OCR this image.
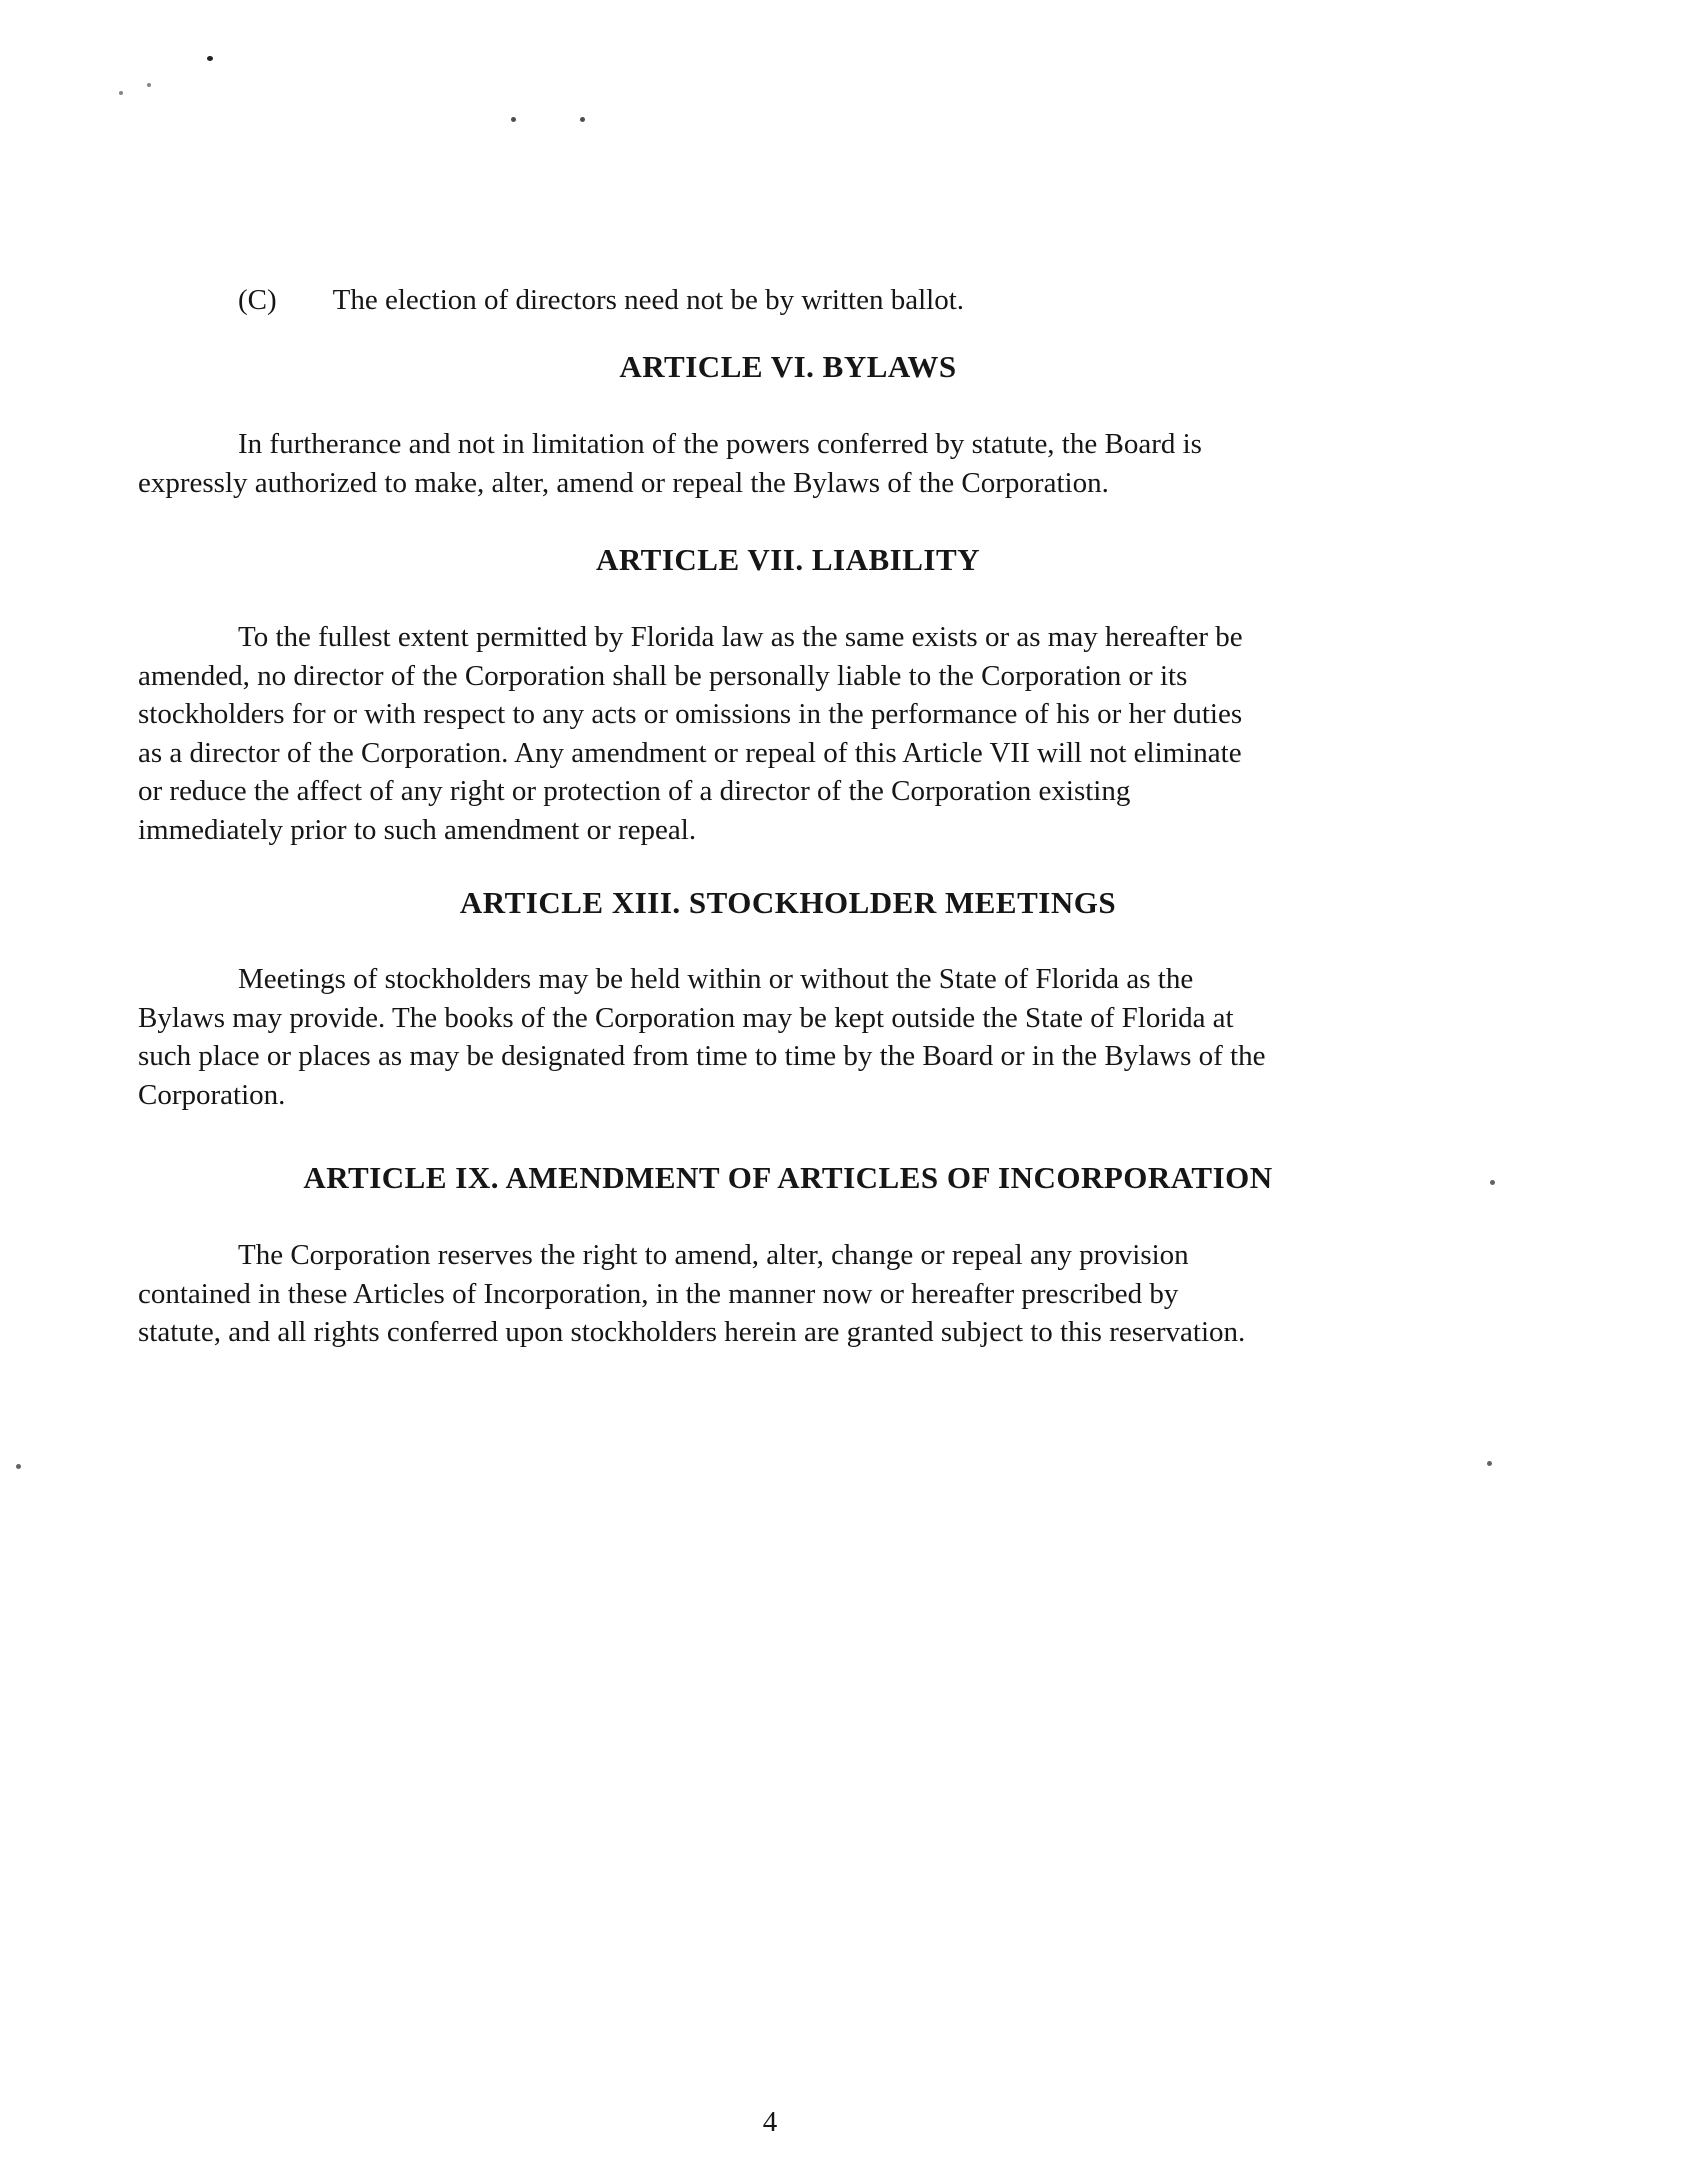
(C) The election of directors need not be by written ballot.
ARTICLE VI. BYLAWS
In furtherance and not in limitation of the powers conferred by statute, the Board is
expressly authorized to make, alter, amend or repeal the Bylaws of the Corporation.
ARTICLE VII. LIABILITY
To the fullest extent permitted by Florida law as the same exists or as may hereafter be
amended, no director of the Corporation shall be personally liable to the Corporation or its
stockholders for or with respect to any acts or omissions in the performance of his or her duties
as a director of the Corporation. Any amendment or repeal of this Article VII will not eliminate
or reduce the affect of any right or protection of a director of the Corporation existing
immediately prior to such amendment or repeal.
ARTICLE XIII. STOCKHOLDER MEETINGS
Meetings of stockholders may be held within or without the State of Florida as the
Bylaws may provide. The books of the Corporation may be kept outside the State of Florida at
such place or places as may be designated from time to time by the Board or in the Bylaws of the
Corporation.
ARTICLE IX. AMENDMENT OF ARTICLES OF INCORPORATION
The Corporation reserves the right to amend, alter, change or repeal any provision
contained in these Articles of Incorporation, in the manner now or hereafter prescribed by
statute, and all rights conferred upon stockholders herein are granted subject to this reservation.
4
